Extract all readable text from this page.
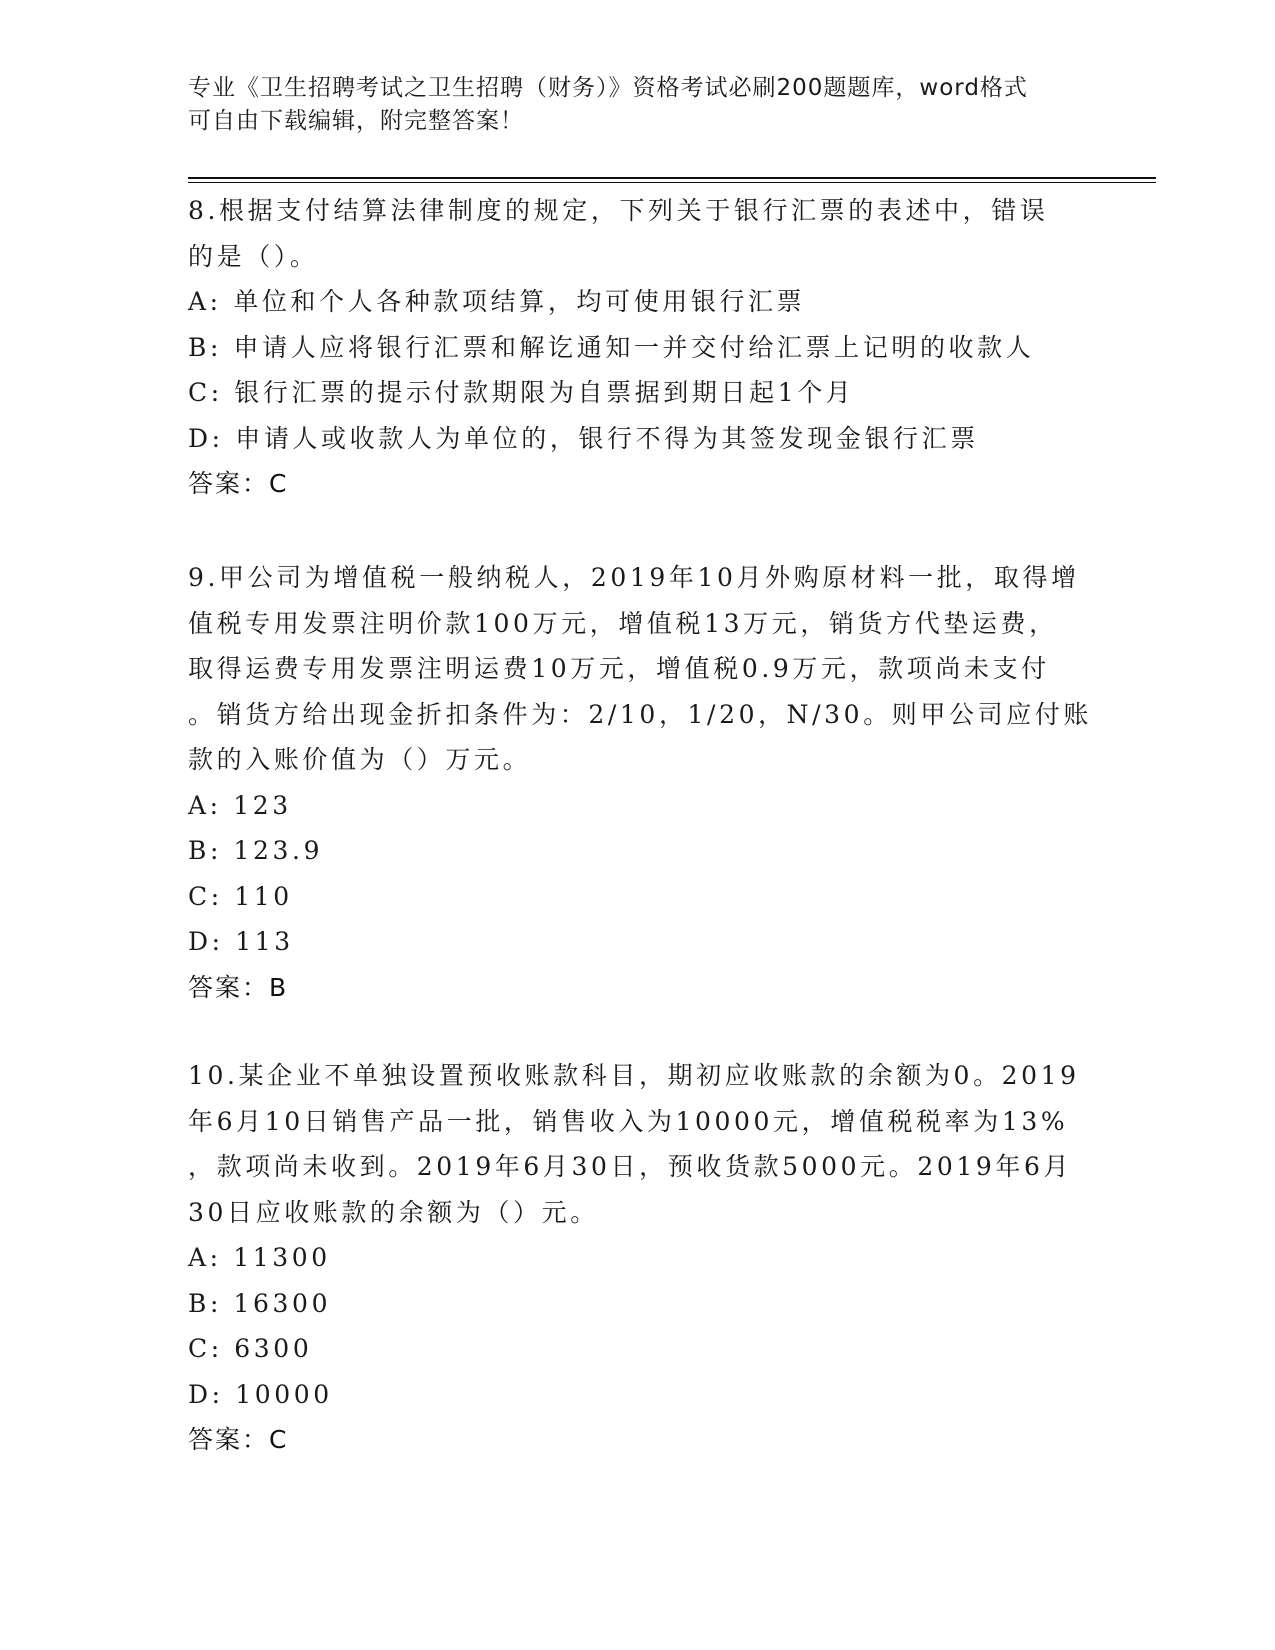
专业《卫生招聘考试之卫生招聘（财务）》资格考试必刷200题题库，word格式
可自由下载编辑，附完整答案！
8.根据支付结算法律制度的规定，下列关于银行汇票的表述中，错误
的是（）。
A: 单位和个人各种款项结算，均可使用银行汇票
B: 申请人应将银行汇票和解讫通知一并交付给汇票上记明的收款人
C: 银行汇票的提示付款期限为自票据到期日起1个月
D: 申请人或收款人为单位的，银行不得为其签发现金银行汇票
答案：C
9.甲公司为增值税一般纳税人，2019年10月外购原材料一批，取得增
值税专用发票注明价款100万元，增值税13万元，销货方代垫运费，
取得运费专用发票注明运费10万元，增值税0.9万元，款项尚未支付
。销货方给出现金折扣条件为：2/10，1/20，N/30。则甲公司应付账
款的入账价值为（）万元。
A: 123
B: 123.9
C: 110
D: 113
答案：B
10.某企业不单独设置预收账款科目，期初应收账款的余额为0。2019
年6月10日销售产品一批，销售收入为10000元，增值税税率为13%
，款项尚未收到。2019年6月30日，预收货款5000元。2019年6月
30日应收账款的余额为（）元。
A: 11300
B: 16300
C: 6300
D: 10000
答案：C
